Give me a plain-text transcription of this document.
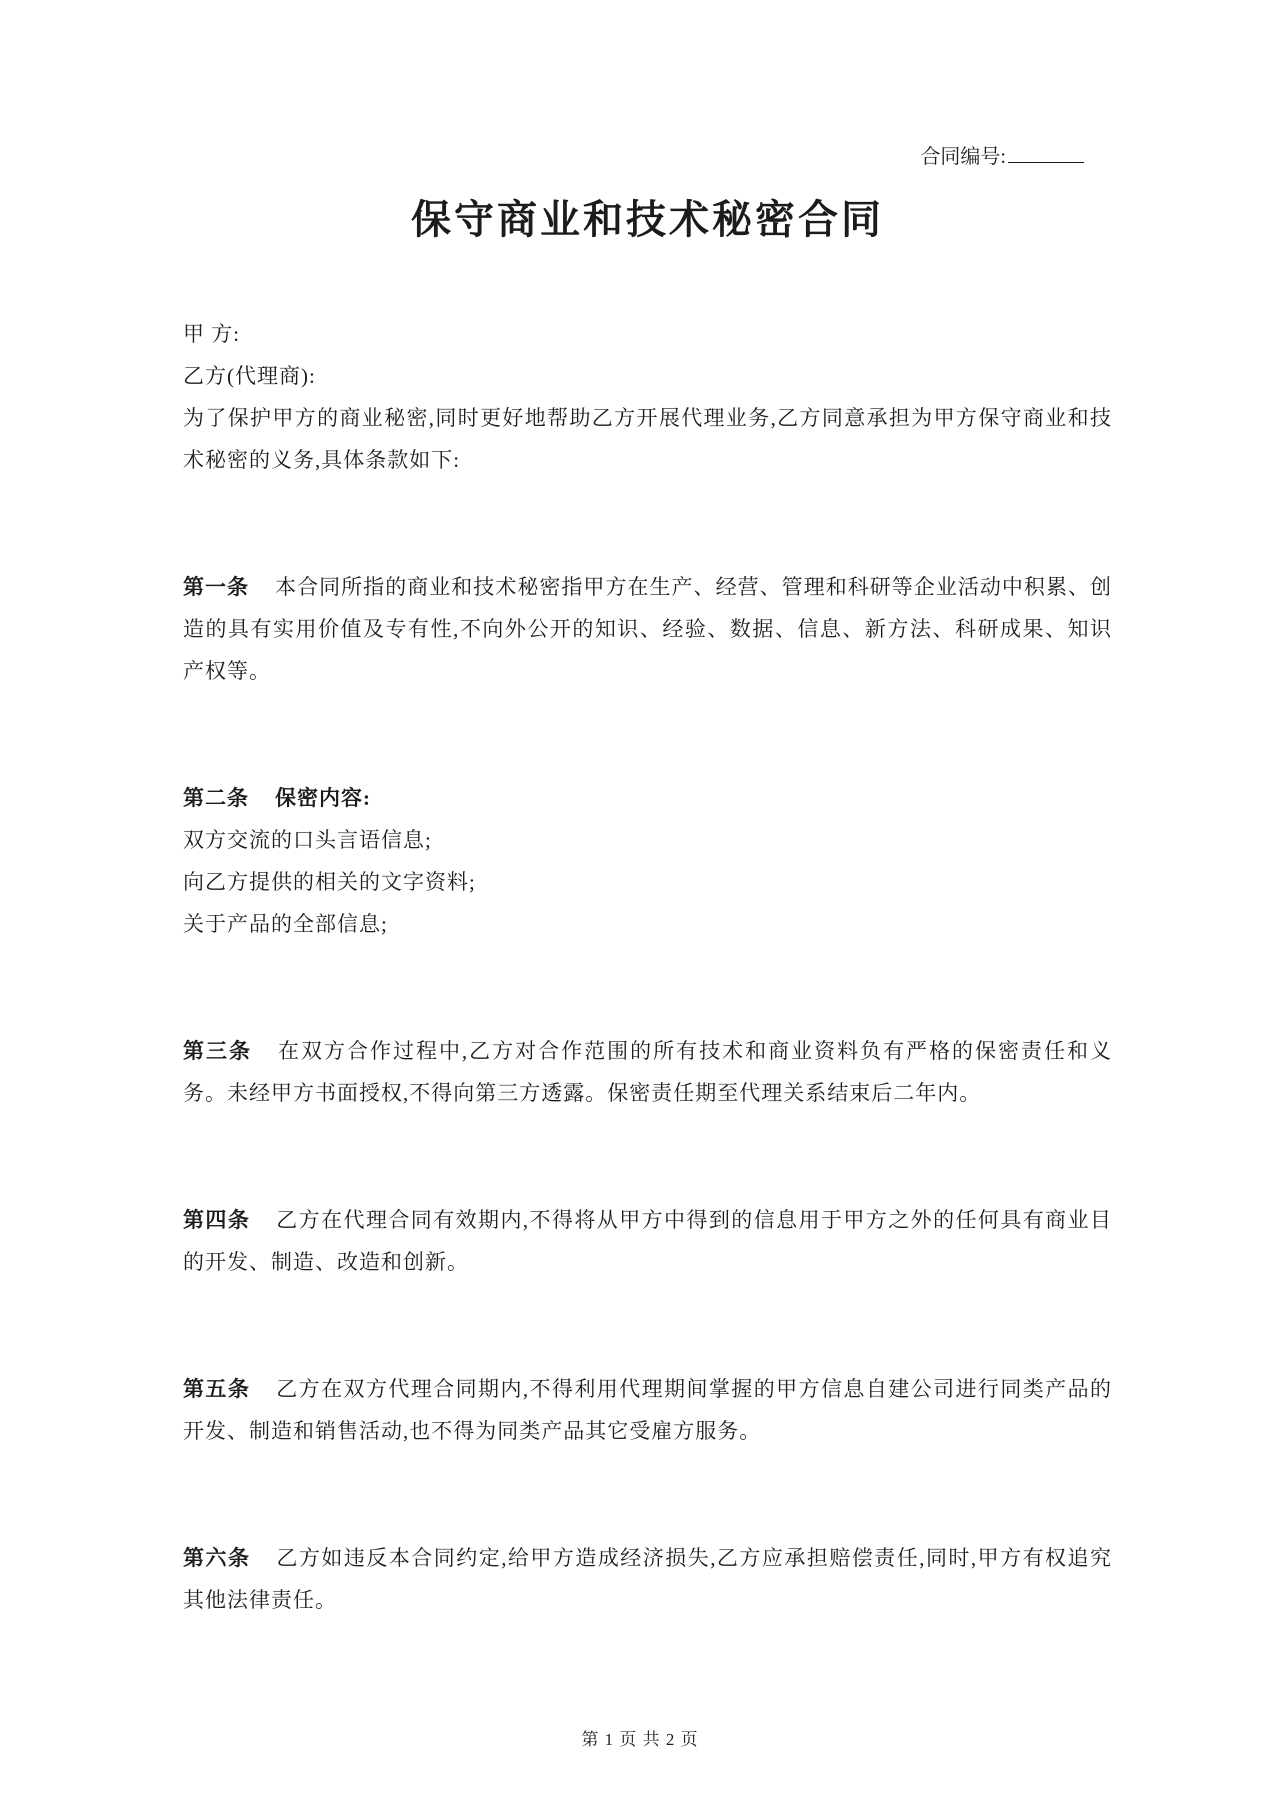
合同编号:
保守商业和技术秘密合同

甲 方:

乙方(代理商):

为了保护甲方的商业秘密,同时更好地帮助乙方开展代理业务,乙方同意承担为甲方保守商业和技术秘密的义务,具体条款如下:

第一条 本合同所指的商业和技术秘密指甲方在生产、经营、管理和科研等企业活动中积累、创造的具有实用价值及专有性,不向外公开的知识、经验、数据、信息、新方法、科研成果、知识产权等。

第二条 保密内容:

双方交流的口头言语信息;

向乙方提供的相关的文字资料;

关于产品的全部信息;

第三条 在双方合作过程中,乙方对合作范围的所有技术和商业资料负有严格的保密责任和义务。未经甲方书面授权,不得向第三方透露。保密责任期至代理关系结束后二年内。

第四条 乙方在代理合同有效期内,不得将从甲方中得到的信息用于甲方之外的任何具有商业目的开发、制造、改造和创新。

第五条 乙方在双方代理合同期内,不得利用代理期间掌握的甲方信息自建公司进行同类产品的开发、制造和销售活动,也不得为同类产品其它受雇方服务。

第六条 乙方如违反本合同约定,给甲方造成经济损失,乙方应承担赔偿责任,同时,甲方有权追究其他法律责任。

第 1 页 共 2 页
